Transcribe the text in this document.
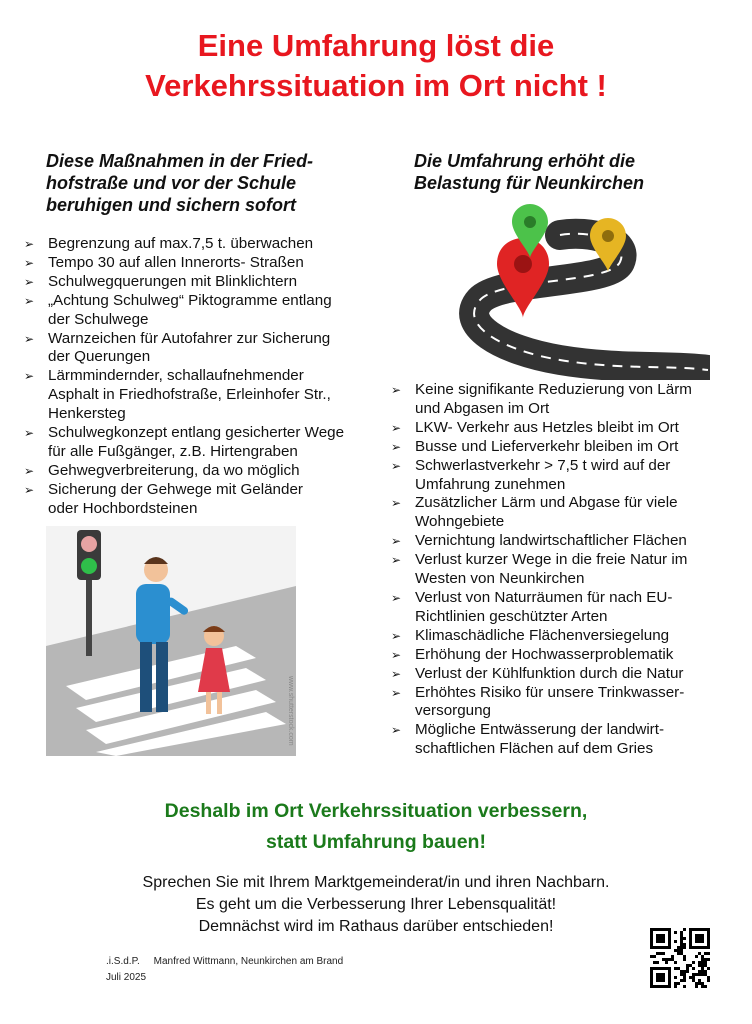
Eine Umfahrung löst die
Verkehrssituation im Ort nicht !
Diese Maßnahmen in der Fried-
hofstraße und vor der Schule
beruhigen und sichern sofort
Die Umfahrung erhöht die
Belastung für Neunkirchen
➢ Begrenzung auf max.7,5 t. überwachen
➢ Tempo 30 auf allen Innerorts- Straßen
➢ Schulwegquerungen mit Blinklichtern
➢ „Achtung Schulweg“ Piktogramme entlang
der Schulwege
➢ Warnzeichen für Autofahrer zur Sicherung
der Querungen
➢ Lärmmindernder, schallaufnehmender
Asphalt in Friedhofstraße, Erleinhofer Str.,
Henkersteg
➢ Schulwegkonzept entlang gesicherter Wege
für alle Fußgänger, z.B. Hirtengraben
➢ Gehwegverbreiterung, da wo möglich
➢ Sicherung der Gehwege mit Geländer
oder Hochbordsteinen
➢ Keine signifikante Reduzierung von Lärm
und Abgasen im Ort
➢ LKW- Verkehr aus Hetzles bleibt im Ort
➢ Busse und Lieferverkehr bleiben im Ort
➢ Schwerlastverkehr > 7,5 t wird auf der
Umfahrung zunehmen
➢ Zusätzlicher Lärm und Abgase für viele
Wohngebiete
➢ Vernichtung landwirtschaftlicher Flächen
➢ Verlust kurzer Wege in die freie Natur im
Westen von Neunkirchen
➢ Verlust von Naturräumen für nach EU-
Richtlinien geschützter Arten
➢ Klimaschädliche Flächenversiegelung
➢ Erhöhung der Hochwasserproblematik
➢ Verlust der Kühlfunktion durch die Natur
➢ Erhöhtes Risiko für unsere Trinkwasser-
versorgung
➢ Mögliche Entwässerung der landwirt-
schaftlichen Flächen auf dem Gries
www.shutterstock.com
Deshalb im Ort Verkehrssituation verbessern,
statt Umfahrung bauen!
Sprechen Sie mit Ihrem Marktgemeinderat/in und ihren Nachbarn.
Es geht um die Verbesserung Ihrer Lebensqualität!
Demnächst wird im Rathaus darüber entschieden!
.i.S.d.P. Manfred Wittmann, Neunkirchen am Brand
Juli 2025
